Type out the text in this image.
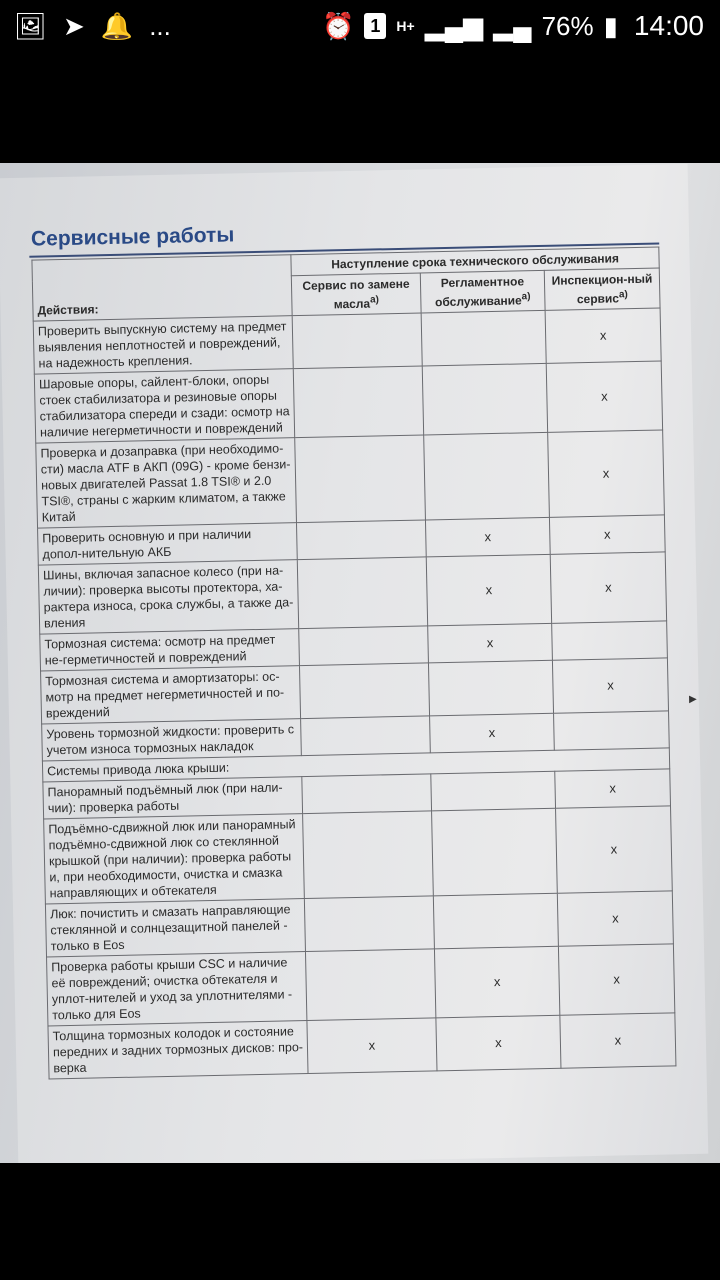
🖼 ➤ 🔔 ...	⏰ 1	H+ ▂▄▆ ▂▄ 76% ▮ 14:00
Сервисные работы
Действия:	Наступление срока технического обслуживания		
	Сервис по замене масла$^{a)}$	Регламентное обслуживание$^{a)}$	Инспекцион-ный сервис$^{a)}$
Проверить выпускную систему на предмет выявления неплотностей и повреждений, на надежность крепления.			x
Шаровые опоры, сайлент-блоки, опоры стоек стабилизатора и резиновые опоры стабилизатора спереди и сзади: осмотр на наличие негерметичности и повреждений			x
Проверка и дозаправка (при необходимо-сти) масла ATF в АКП (09G) - кроме бензи-новых двигателей Passat 1.8 TSI® и 2.0 TSI®, страны с жарким климатом, а также Китай			x
Проверить основную и при наличии допол-нительную АКБ		x	x
Шины, включая запасное колесо (при на-личии): проверка высоты протектора, ха-рактера износа, срока службы, а также да-вления		x	x
Тормозная система: осмотр на предмет не-герметичностей и повреждений		x	
Тормозная система и амортизаторы: ос-мотр на предмет негерметичностей и по-вреждений			x
Уровень тормозной жидкости: проверить с учетом износа тормозных накладок		x	
Системы привода люка крыши:			
Панорамный подъёмный люк (при нали-чии): проверка работы			x
Подъёмно-сдвижной люк или панорамный подъёмно-сдвижной люк со стеклянной крышкой (при наличии): проверка работы и, при необходимости, очистка и смазка направляющих и обтекателя			x
Люк: почистить и смазать направляющие стеклянной и солнцезащитной панелей - только в Eos			x
Проверка работы крыши CSC и наличие её повреждений; очистка обтекателя и уплот-нителей и уход за уплотнителями - только для Eos		x	x
Толщина тормозных колодок и состояние передних и задних тормозных дисков: про-верка	x	x	x
▶
